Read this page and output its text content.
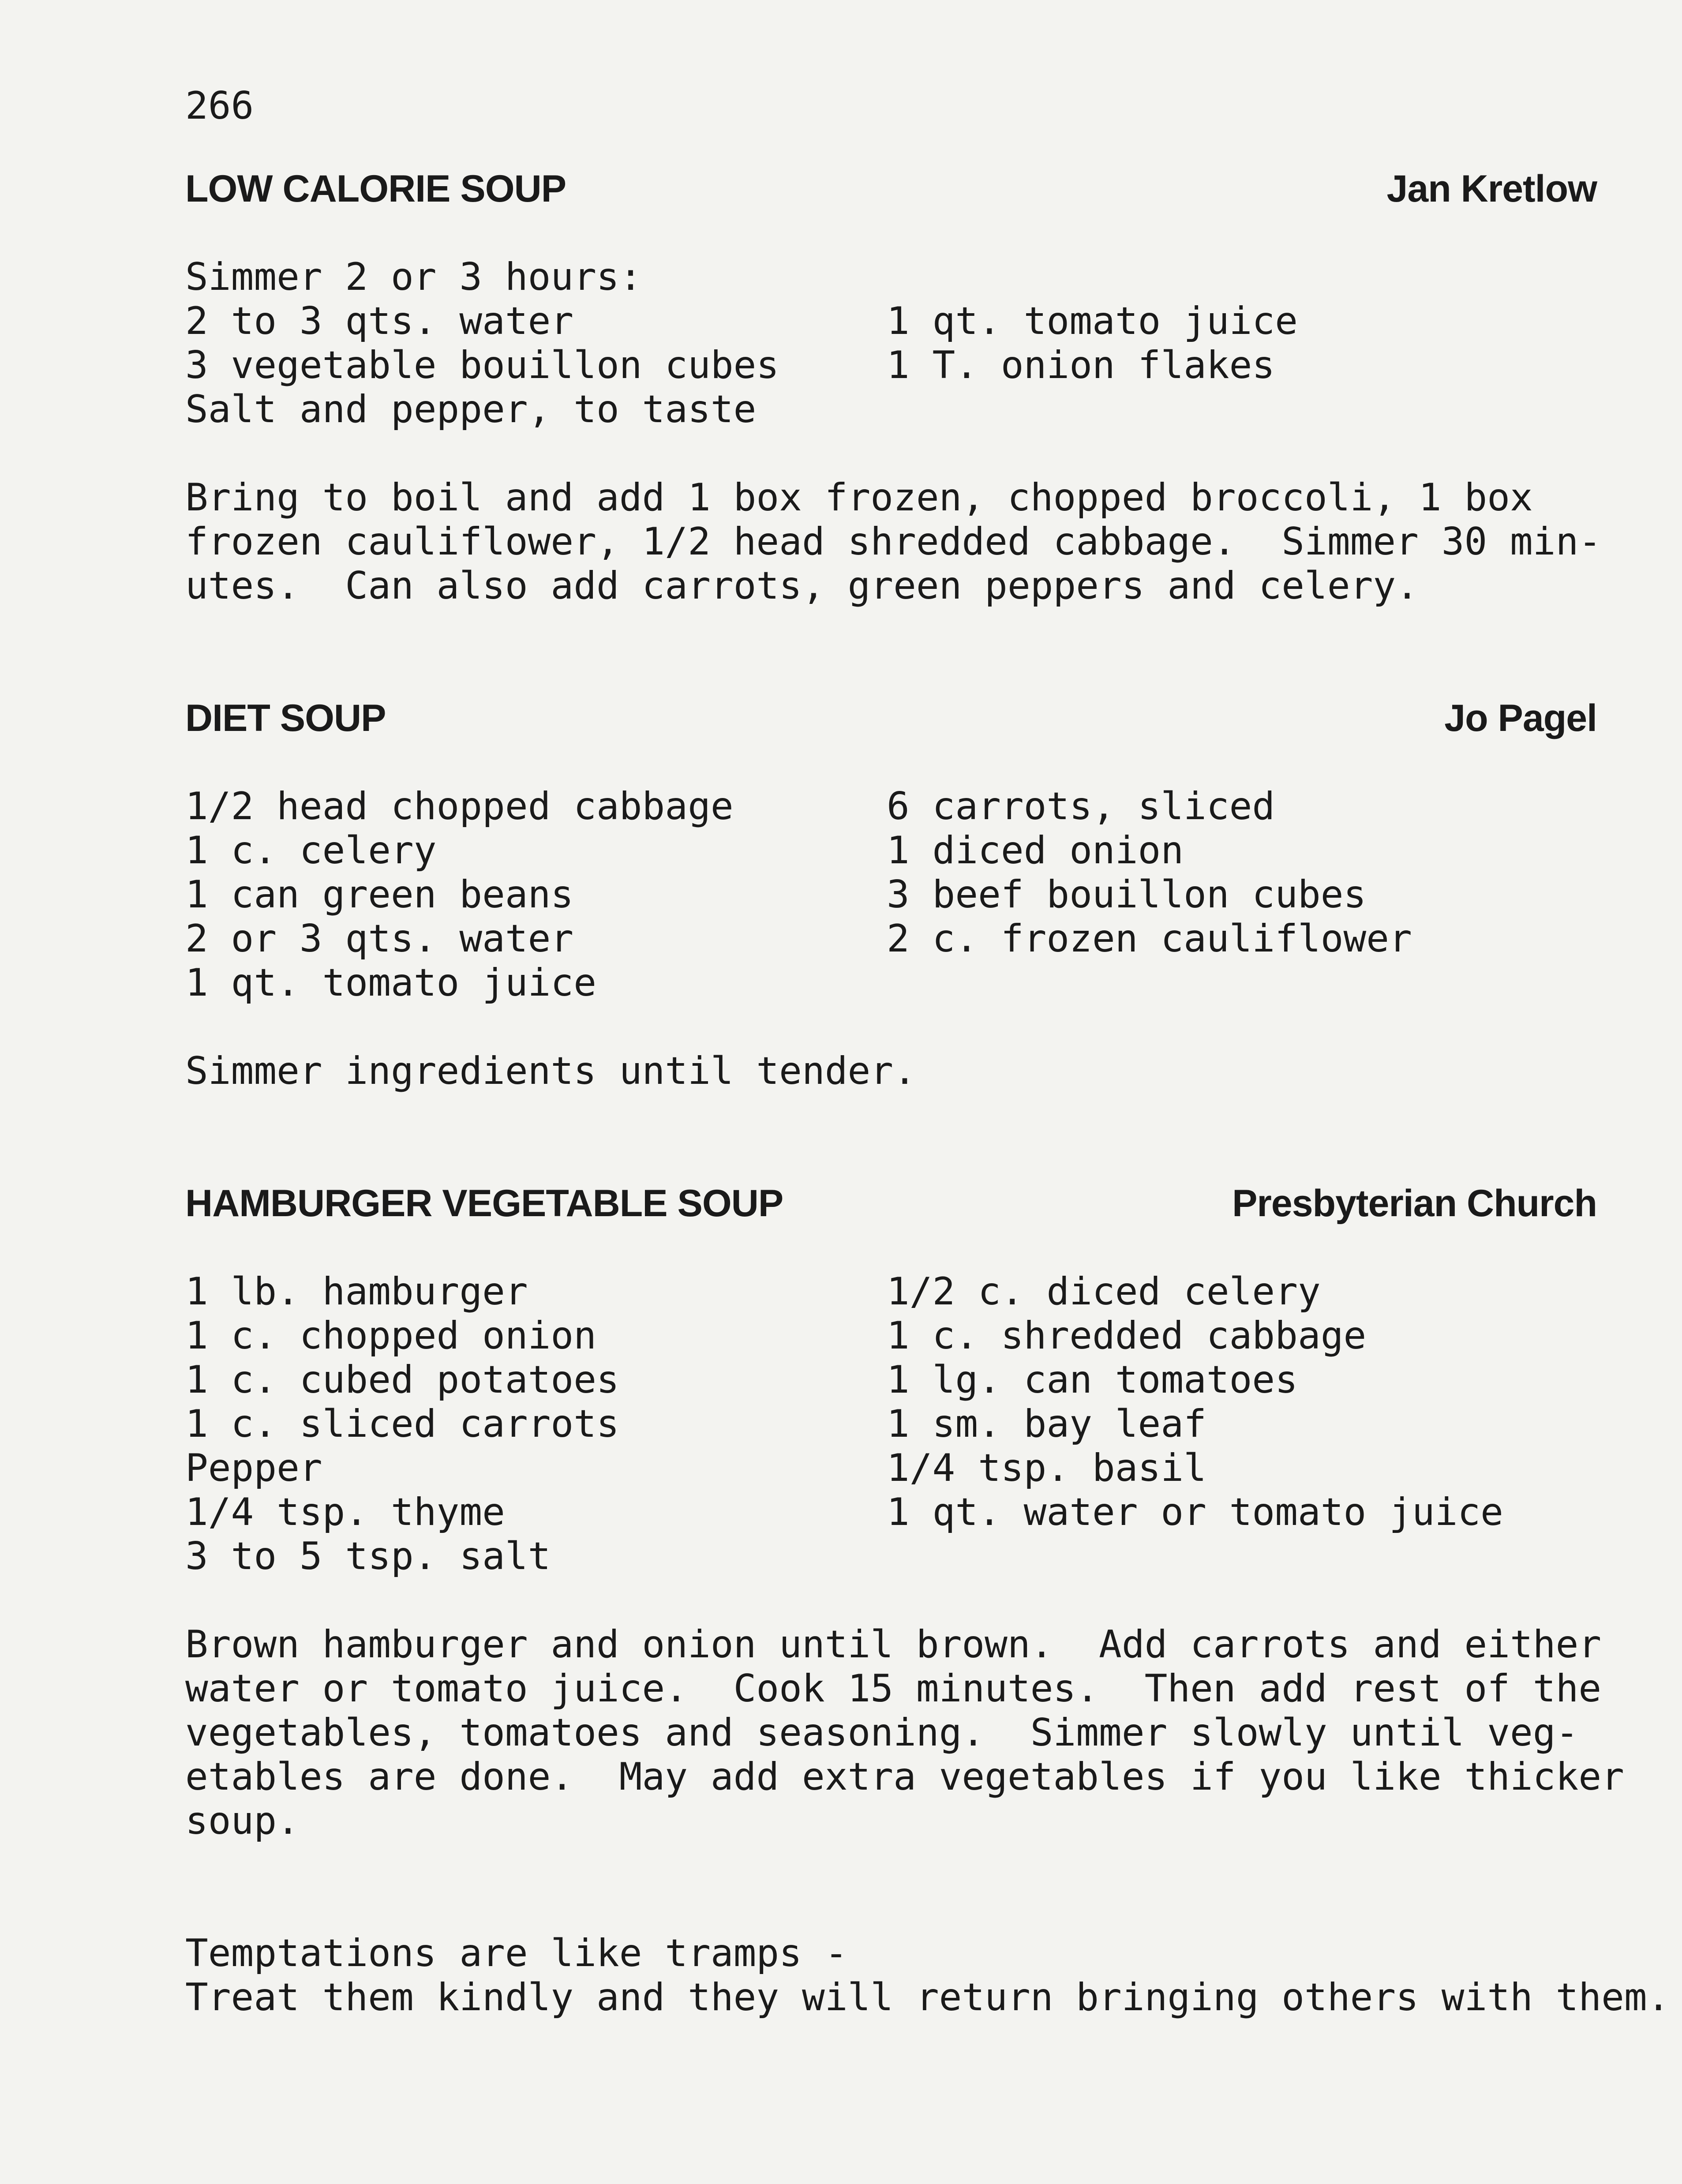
266
LOW CALORIE SOUP	Jan Kretlow
Simmer 2 or 3 hours:
2 to 3 qts. water	1 qt. tomato juice
3 vegetable bouillon cubes	1 T. onion flakes
Salt and pepper, to taste
Bring to boil and add 1 box frozen, chopped broccoli, 1 box
frozen cauliflower, 1/2 head shredded cabbage.  Simmer 30 min-
utes.  Can also add carrots, green peppers and celery.
DIET SOUP	Jo Pagel
1/2 head chopped cabbage	6 carrots, sliced
1 c. celery	1 diced onion
1 can green beans	3 beef bouillon cubes
2 or 3 qts. water	2 c. frozen cauliflower
1 qt. tomato juice
Simmer ingredients until tender.
HAMBURGER VEGETABLE SOUP	Presbyterian Church
1 lb. hamburger	1/2 c. diced celery
1 c. chopped onion	1 c. shredded cabbage
1 c. cubed potatoes	1 lg. can tomatoes
1 c. sliced carrots	1 sm. bay leaf
Pepper	1/4 tsp. basil
1/4 tsp. thyme	1 qt. water or tomato juice
3 to 5 tsp. salt
Brown hamburger and onion until brown.  Add carrots and either
water or tomato juice.  Cook 15 minutes.  Then add rest of the
vegetables, tomatoes and seasoning.  Simmer slowly until veg-
etables are done.  May add extra vegetables if you like thicker
soup.
Temptations are like tramps -
Treat them kindly and they will return bringing others with them.
